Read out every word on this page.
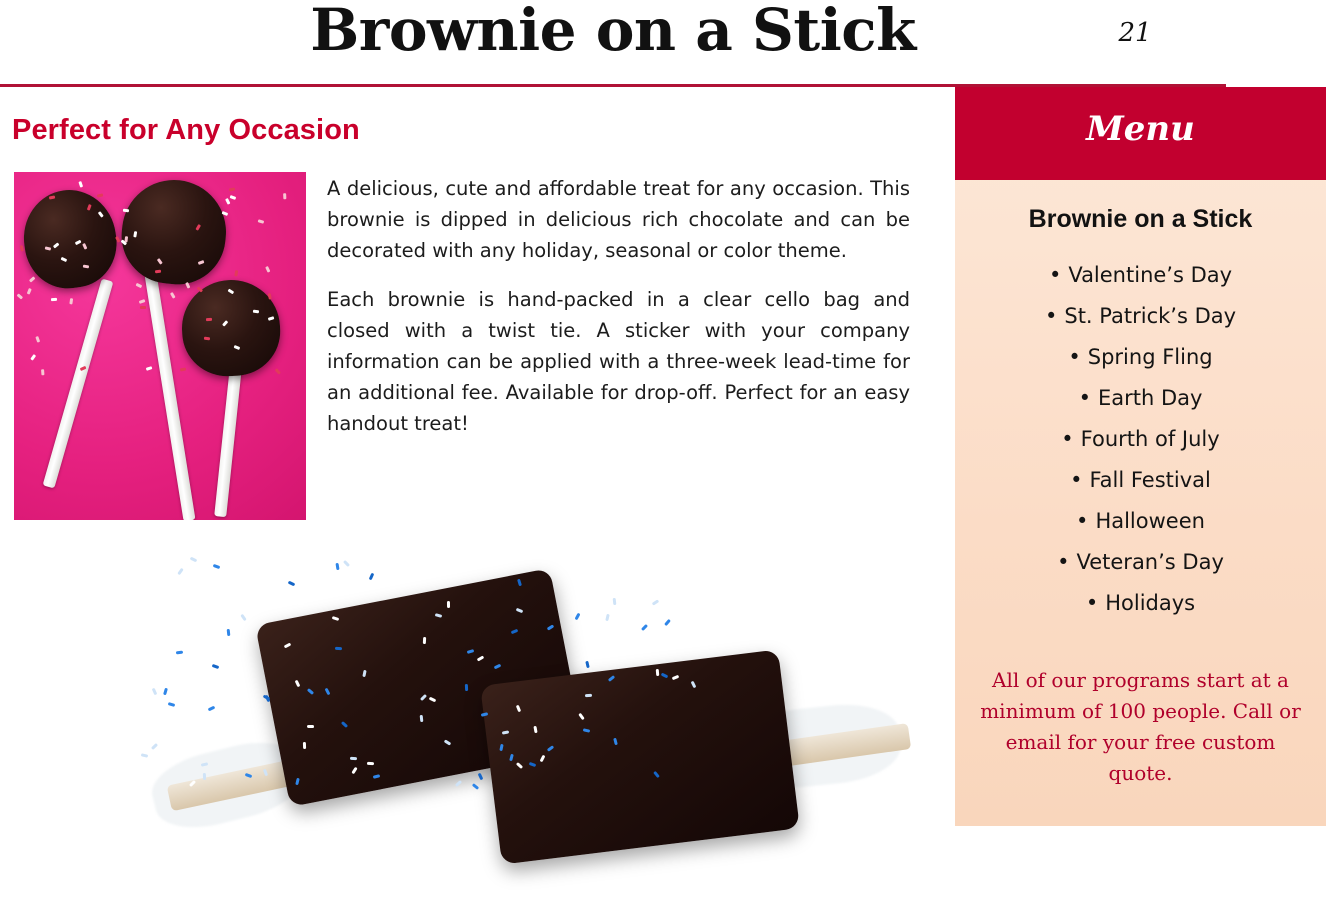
Brownie on a Stick	21
Perfect for Any Occasion

A delicious, cute and affordable treat for any occasion. This brownie is dipped in delicious rich chocolate and can be decorated with any holiday, seasonal or color theme.

Each brownie is hand-packed in a clear cello bag and closed with a twist tie. A sticker with your company information can be applied with a three-week lead-time for an additional fee. Available for drop-off. Perfect for an easy handout treat!

Menu
Brownie on a Stick
• Valentine’s Day
• St. Patrick’s Day
• Spring Fling
• Earth Day
• Fourth of July
• Fall Festival
• Halloween
• Veteran’s Day
• Holidays
All of our programs start at a minimum of 100 people. Call or email for your free custom quote.
